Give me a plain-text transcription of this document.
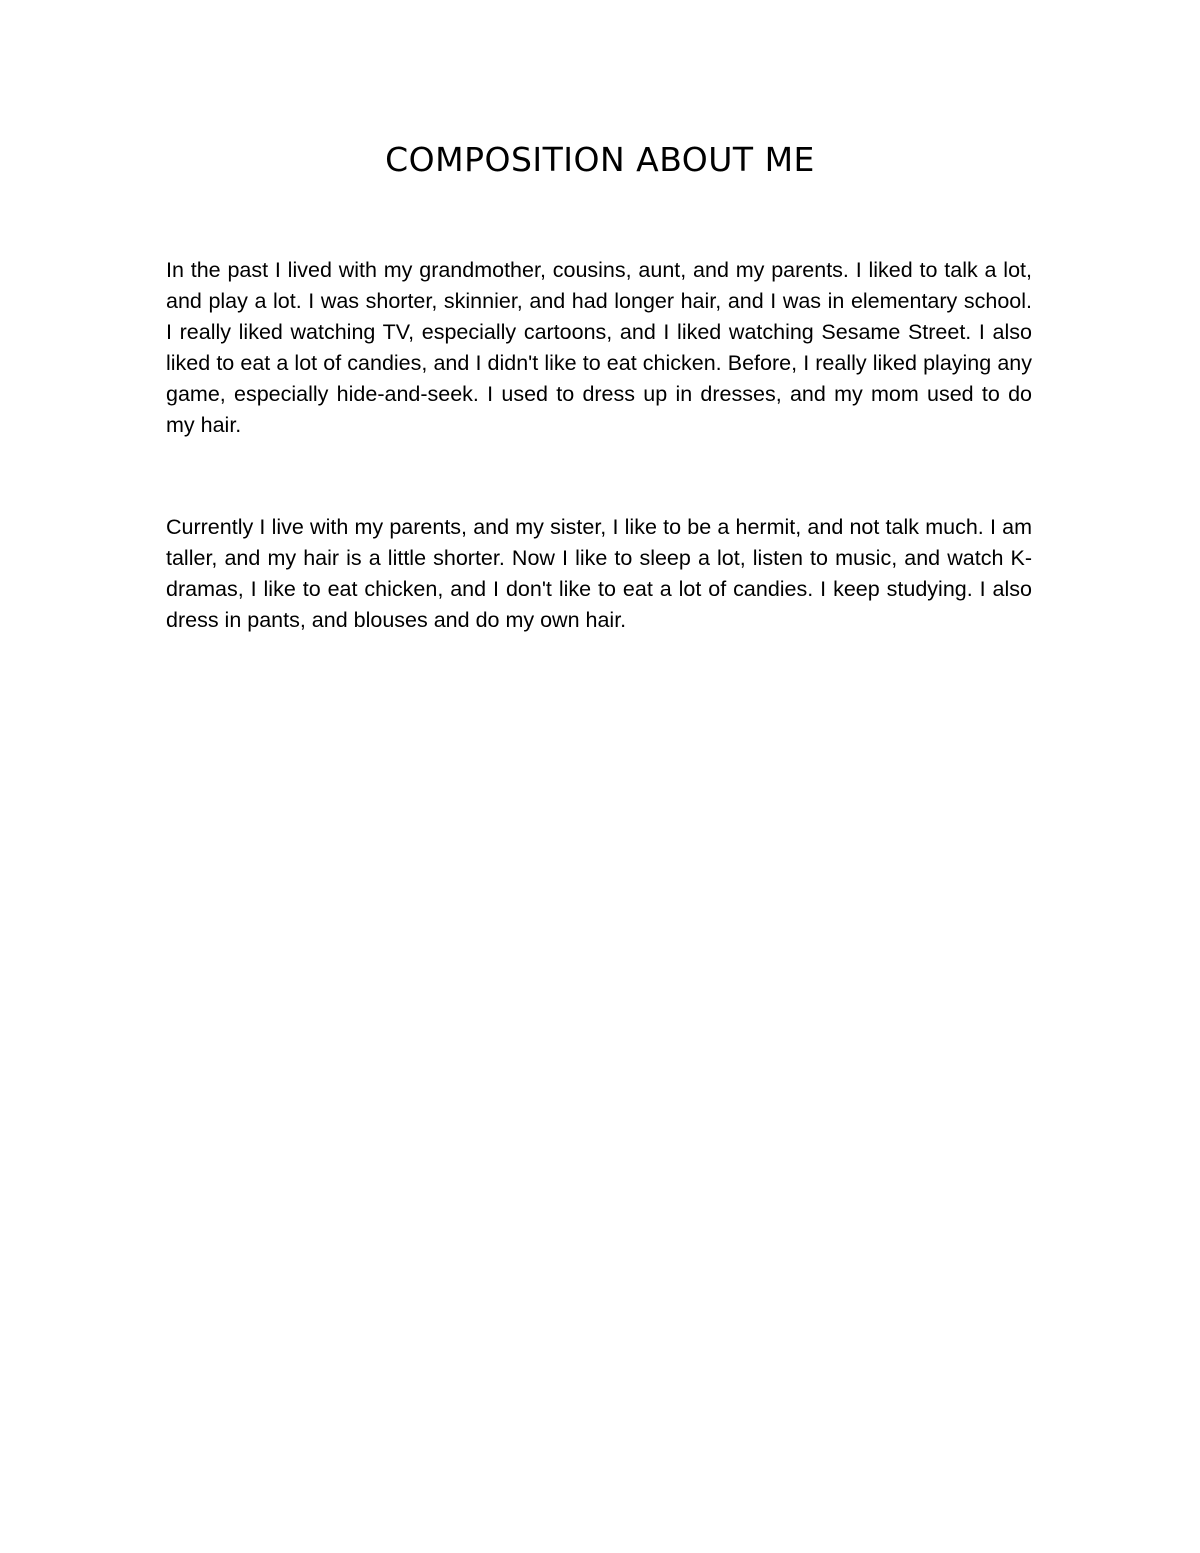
COMPOSITION ABOUT ME

In the past I lived with my grandmother, cousins, aunt, and my parents. I liked to talk a lot, and play a lot. I was shorter, skinnier, and had longer hair, and I was in elementary school. I really liked watching TV, especially cartoons, and I liked watching Sesame Street. I also liked to eat a lot of candies, and I didn't like to eat chicken. Before, I really liked playing any game, especially hide-and-seek. I used to dress up in dresses, and my mom used to do my hair.

Currently I live with my parents, and my sister, I like to be a hermit, and not talk much. I am taller, and my hair is a little shorter. Now I like to sleep a lot, listen to music, and watch K-dramas, I like to eat chicken, and I don't like to eat a lot of candies. I keep studying. I also dress in pants, and blouses and do my own hair.
